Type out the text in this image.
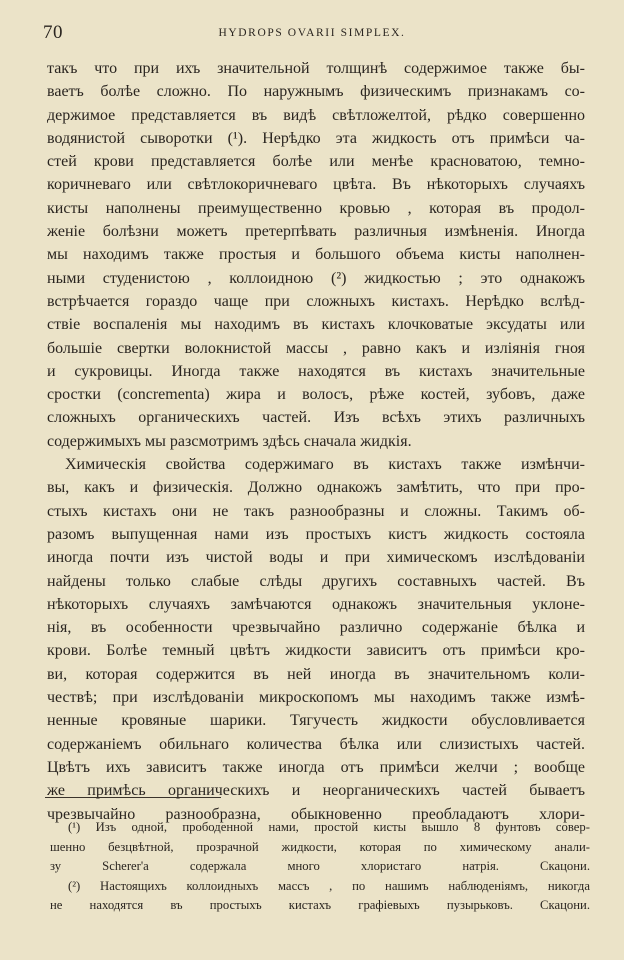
70	HYDROPS OVARII SIMPLEX.
такъ что при ихъ значительной толщинѣ содержимое также бы-
ваетъ болѣе сложно. По наружнымъ физическимъ признакамъ со-
держимое представляется въ видѣ свѣтложелтой, рѣдко совершенно
водянистой сыворотки (¹). Нерѣдко эта жидкость отъ примѣси ча-
стей крови представляется болѣе или менѣе красноватою, темно-
коричневаго или свѣтлокоричневаго цвѣта. Въ нѣкоторыхъ случаяхъ
кисты наполнены преимущественно кровью , которая въ продол-
женіе болѣзни можетъ претерпѣвать различныя измѣненія. Иногда
мы находимъ также простыя и большого объема кисты наполнен-
ными студенистою , коллоидною (²) жидкостью ; это однакожъ
встрѣчается гораздо чаще при сложныхъ кистахъ. Нерѣдко вслѣд-
ствіе воспаленія мы находимъ въ кистахъ клочковатые эксудаты или
большіе свертки волокнистой массы , равно какъ и изліянія гноя
и сукровицы. Иногда также находятся въ кистахъ значительные
сростки (concrementa) жира и волосъ, рѣже костей, зубовъ, даже
сложныхъ органическихъ частей. Изъ всѣхъ этихъ различныхъ
содержимыхъ мы разсмотримъ здѣсь сначала жидкія.
Химическія свойства содержимаго въ кистахъ также измѣнчи-
вы, какъ и физическія. Должно однакожъ замѣтить, что при про-
стыхъ кистахъ они не такъ разнообразны и сложны. Такимъ об-
разомъ выпущенная нами изъ простыхъ кистъ жидкость состояла
иногда почти изъ чистой воды и при химическомъ изслѣдованіи
найдены только слабые слѣды другихъ составныхъ частей. Въ
нѣкоторыхъ случаяхъ замѣчаются однакожъ значительныя уклоне-
нія, въ особенности чрезвычайно различно содержаніе бѣлка и
крови. Болѣе темный цвѣтъ жидкости зависитъ отъ примѣси кро-
ви, которая содержится въ ней иногда въ значительномъ коли-
чествѣ; при изслѣдованіи микроскопомъ мы находимъ также измѣ-
ненные кровяные шарики. Тягучесть жидкости обусловливается
содержаніемъ обильнаго количества бѣлка или слизистыхъ частей.
Цвѣтъ ихъ зависитъ также иногда отъ примѣси желчи ; вообще
же примѣсь органическихъ и неорганическихъ частей бываетъ
чрезвычайно разнообразна, обыкновенно преобладаютъ хлори-
(¹) Изъ одной, прободенной нами, простой кисты вышло 8 фунтовъ совер-
шенно безцвѣтной, прозрачной жидкости, которая по химическому анали-
зу Scherer'а содержала много хлористаго натрія. Скацони.
(²) Настоящихъ коллоидныхъ массъ , по нашимъ наблюденіямъ, никогда
не находятся въ простыхъ кистахъ графіевыхъ пузырьковъ. Скацони.
